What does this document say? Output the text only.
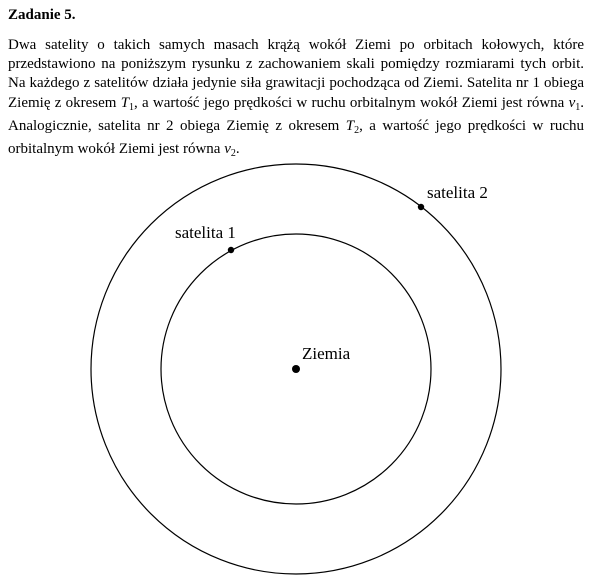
Zadanie 5.

Dwa satelity o takich samych masach krążą wokół Ziemi po orbitach kołowych, które przedstawiono na poniższym rysunku z zachowaniem skali pomiędzy rozmiarami tych orbit. Na każdego z satelitów działa jedynie siła grawitacji pochodząca od Ziemi. Satelita nr 1 obiega Ziemię z okresem $T_1$, a wartość jego prędkości w ruchu orbitalnym wokół Ziemi jest równa $v_1$. Analogicznie, satelita nr 2 obiega Ziemię z okresem $T_2$, a wartość jego prędkości w ruchu orbitalnym wokół Ziemi jest równa $v_2$.

Ziemia
satelita 1
satelita 2
